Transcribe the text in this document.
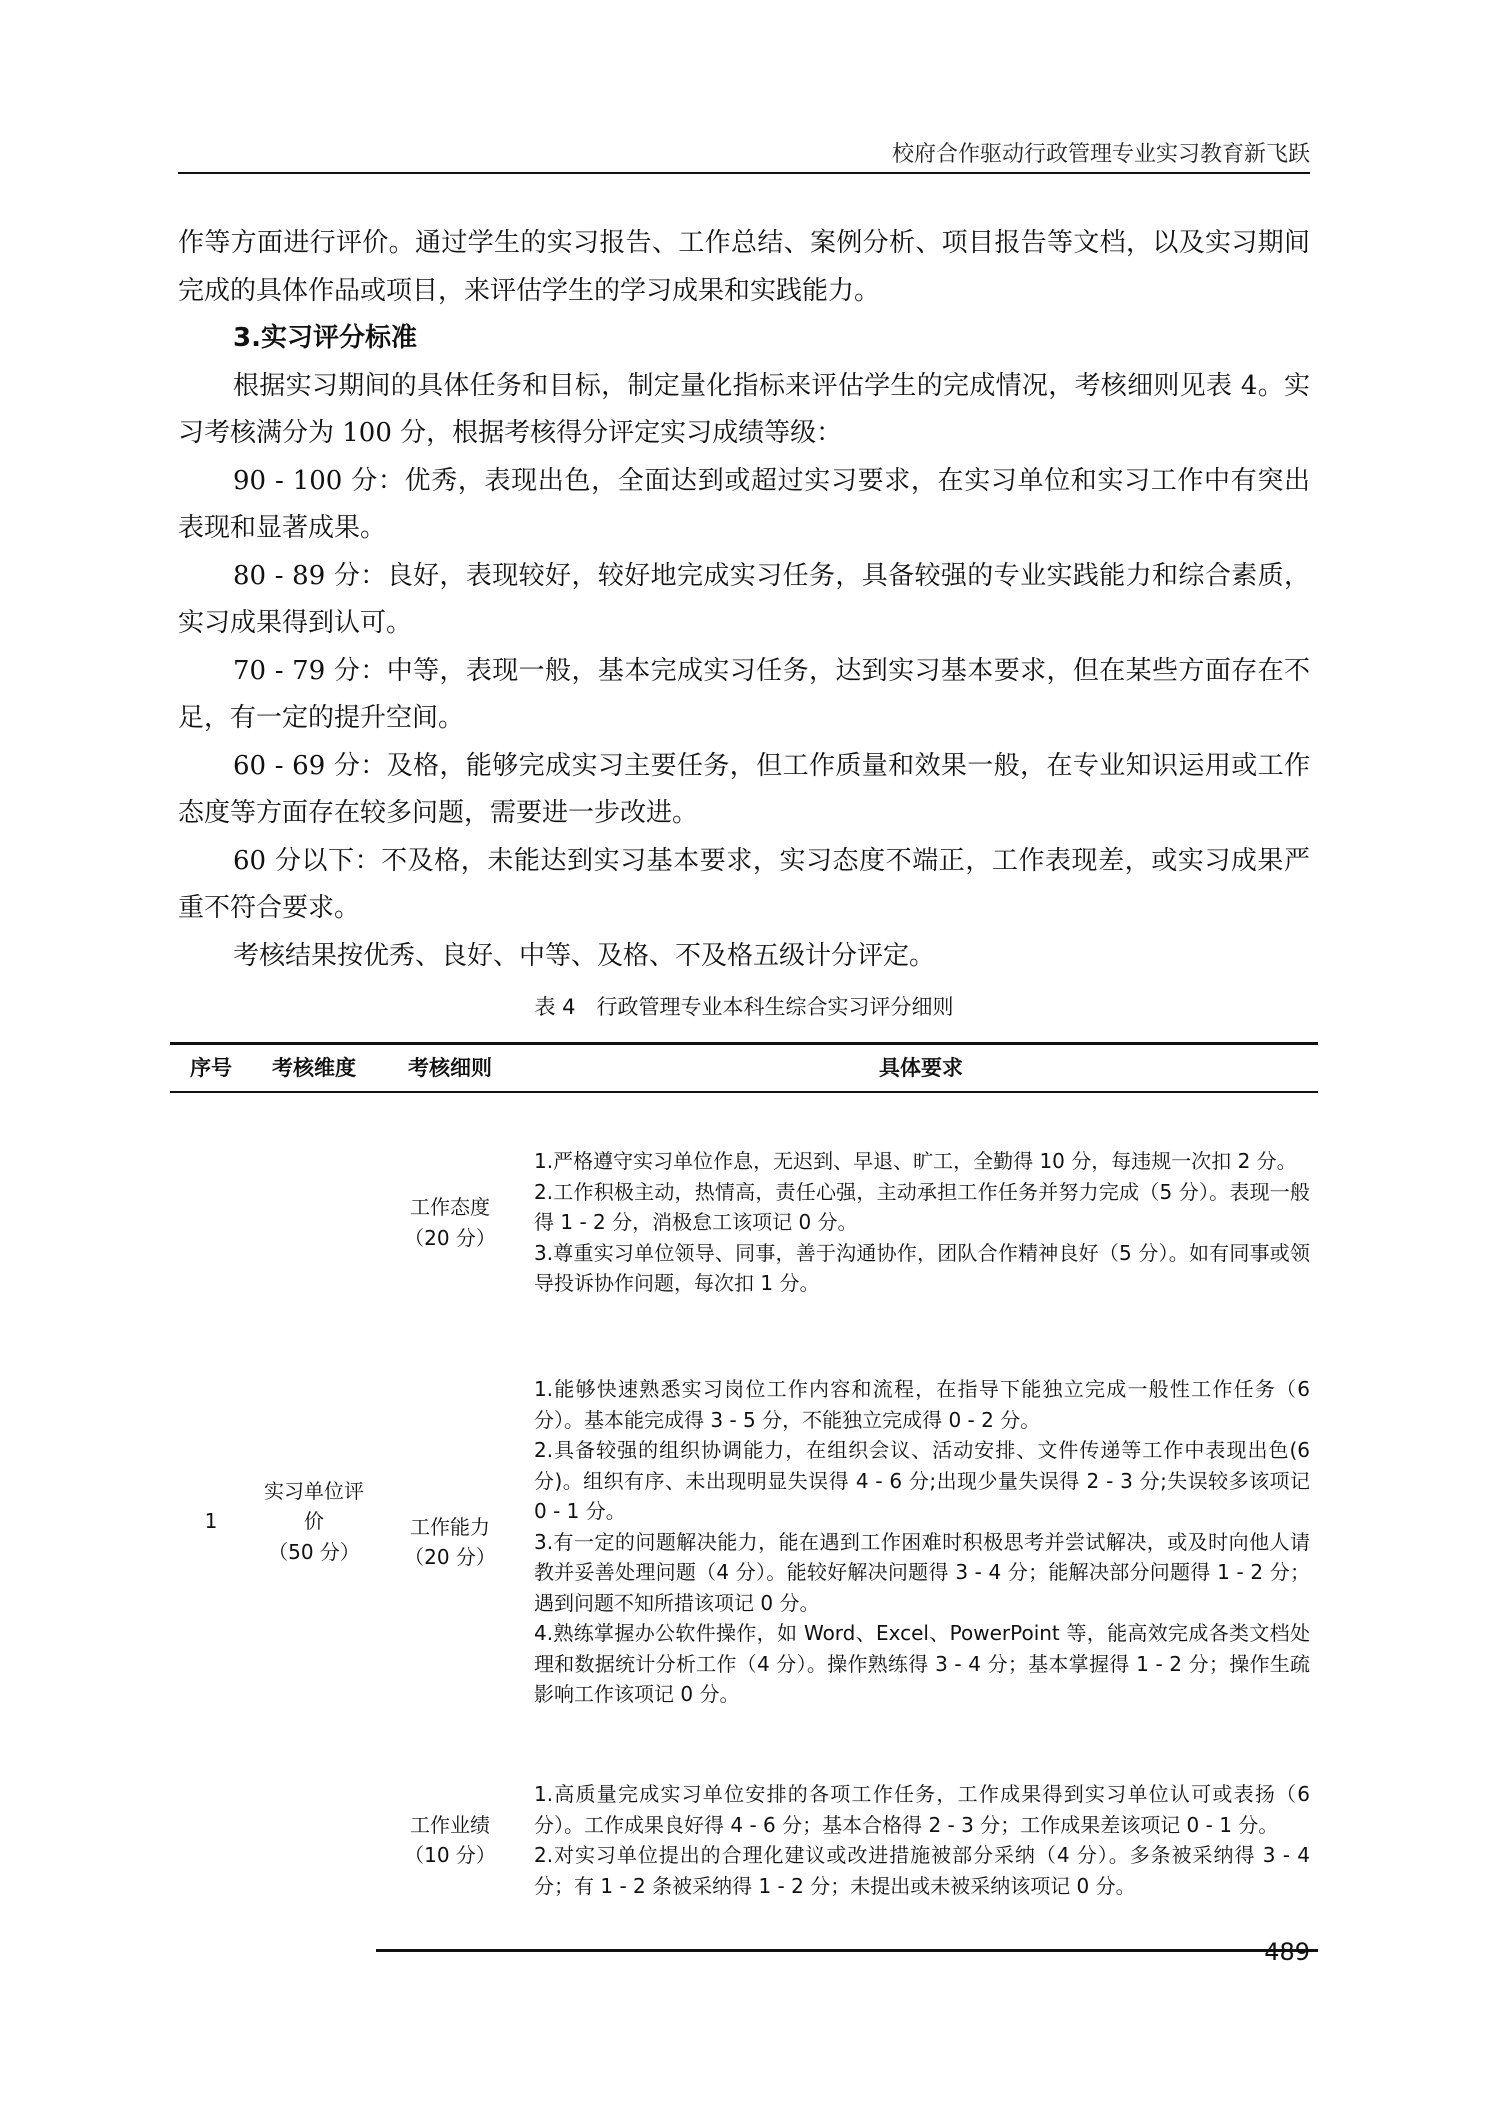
校府合作驱动行政管理专业实习教育新飞跃

作等方面进行评价。通过学生的实习报告、工作总结、案例分析、项目报告等文档，以及实习期间完成的具体作品或项目，来评估学生的学习成果和实践能力。

3.实习评分标准

根据实习期间的具体任务和目标，制定量化指标来评估学生的完成情况，考核细则见表 4。实习考核满分为 100 分，根据考核得分评定实习成绩等级：

90 - 100 分：优秀，表现出色，全面达到或超过实习要求，在实习单位和实习工作中有突出表现和显著成果。

80 - 89 分：良好，表现较好，较好地完成实习任务，具备较强的专业实践能力和综合素质，实习成果得到认可。

70 - 79 分：中等，表现一般，基本完成实习任务，达到实习基本要求，但在某些方面存在不足，有一定的提升空间。

60 - 69 分：及格，能够完成实习主要任务，但工作质量和效果一般，在专业知识运用或工作态度等方面存在较多问题，需要进一步改进。

60 分以下：不及格，未能达到实习基本要求，实习态度不端正，工作表现差，或实习成果严重不符合要求。

考核结果按优秀、良好、中等、及格、不及格五级计分评定。

表 4　行政管理专业本科生综合实习评分细则
序号	考核维度	考核细则	具体要求
1	实习单位评
价
（50 分）	工作态度
（20 分）	1.严格遵守实习单位作息，无迟到、早退、旷工，全勤得 10 分，每违规一次扣 2 分。
2.工作积极主动，热情高，责任心强，主动承担工作任务并努力完成（5 分）。表现一般得 1 - 2 分，消极怠工该项记 0 分。
3.尊重实习单位领导、同事，善于沟通协作，团队合作精神良好（5 分）。如有同事或领导投诉协作问题，每次扣 1 分。

		工作能力
（20 分）	1.能够快速熟悉实习岗位工作内容和流程，在指导下能独立完成一般性工作任务（6 分）。基本能完成得 3 - 5 分，不能独立完成得 0 - 2 分。
2.具备较强的组织协调能力，在组织会议、活动安排、文件传递等工作中表现出色(6 分)。组织有序、未出现明显失误得 4 - 6 分;出现少量失误得 2 - 3 分;失误较多该项记 0 - 1 分。
3.有一定的问题解决能力，能在遇到工作困难时积极思考并尝试解决，或及时向他人请教并妥善处理问题（4 分）。能较好解决问题得 3 - 4 分；能解决部分问题得 1 - 2 分；遇到问题不知所措该项记 0 分。
4.熟练掌握办公软件操作，如 Word、Excel、PowerPoint 等，能高效完成各类文档处理和数据统计分析工作（4 分）。操作熟练得 3 - 4 分；基本掌握得 1 - 2 分；操作生疏影响工作该项记 0 分。

		工作业绩
（10 分）	1.高质量完成实习单位安排的各项工作任务，工作成果得到实习单位认可或表扬（6 分）。工作成果良好得 4 - 6 分；基本合格得 2 - 3 分；工作成果差该项记 0 - 1 分。
2.对实习单位提出的合理化建议或改进措施被部分采纳（4 分）。多条被采纳得 3 - 4 分；有 1 - 2 条被采纳得 1 - 2 分；未提出或未被采纳该项记 0 分。
489
